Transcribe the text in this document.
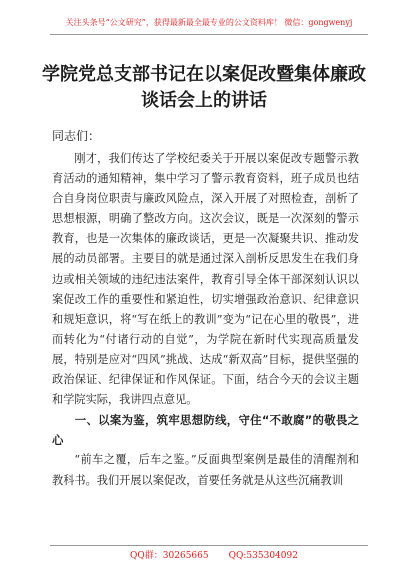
关注头条号“公文研究”，获得最新最全最专业的公文资料库！ 微信：gongwenyj
学院党总支部书记在以案促改暨集体廉政
谈话会上的讲话
同志们：

刚才，我们传达了学校纪委关于开展以案促改专题警示教育活动的通知精神，集中学习了警示教育资料，班子成员也结合自身岗位职责与廉政风险点，深入开展了对照检查，剖析了思想根源，明确了整改方向。这次会议，既是一次深刻的警示教育，也是一次集体的廉政谈话，更是一次凝聚共识、推动发展的动员部署。主要目的就是通过深入剖析反思发生在我们身边或相关领域的违纪违法案件，教育引导全体干部深刻认识以案促改工作的重要性和紧迫性，切实增强政治意识、纪律意识和规矩意识，将“写在纸上的教训”变为“记在心里的敬畏”，进而转化为“付诸行动的自觉”，为学院在新时代实现高质量发展，特别是应对“四风”挑战、达成“新双高”目标，提供坚强的政治保证、纪律保证和作风保证。下面，结合今天的会议主题和学院实际，我讲四点意见。

一、以案为鉴，筑牢思想防线，守住“不敢腐”的敬畏之心

“前车之覆，后车之鉴。”反面典型案例是最佳的清醒剂和教科书。我们开展以案促改，首要任务就是从这些沉痛教训

QQ群：30265665 QQ:535304092
